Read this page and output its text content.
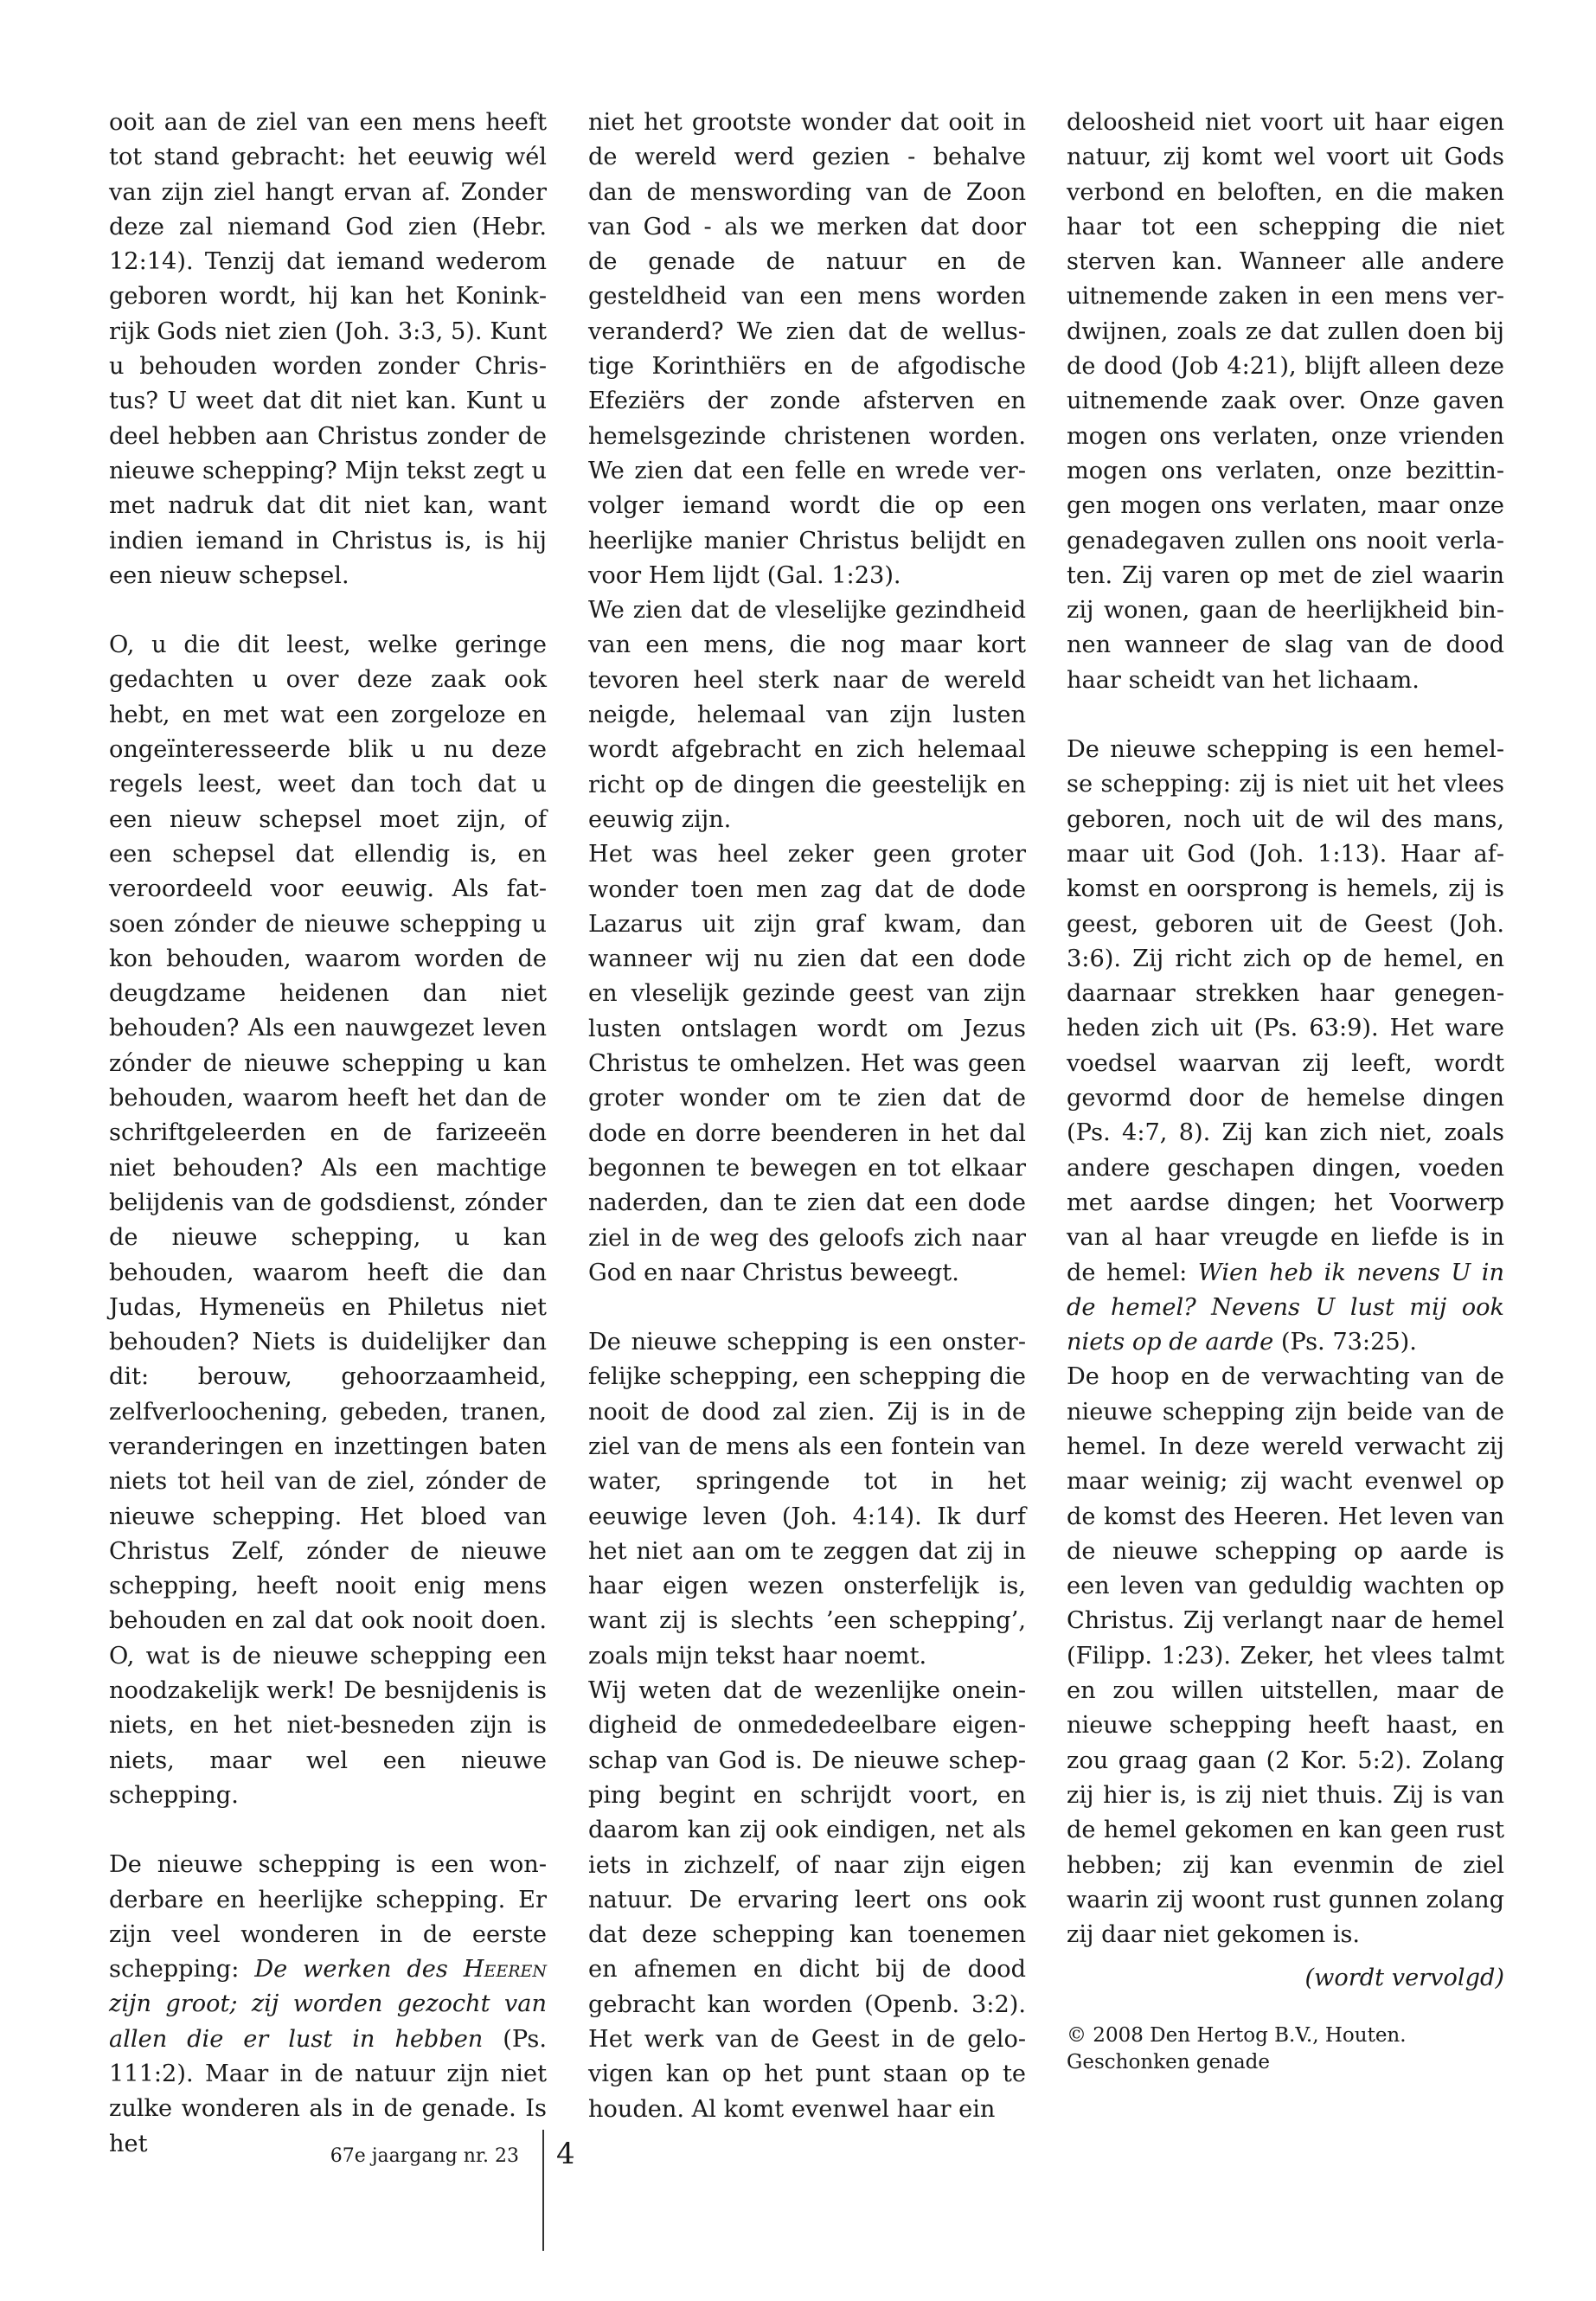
ooit aan de ziel van een mens heeft tot stand gebracht: het eeuwig wél van zijn ziel hangt ervan af. Zonder deze zal niemand God zien (Hebr. 12:14). Tenzij dat iemand wederom geboren wordt, hij kan het Koninkrijk Gods niet zien (Joh. 3:3, 5). Kunt u behouden worden zonder Christus? U weet dat dit niet kan. Kunt u deel hebben aan Christus zonder de nieuwe schepping? Mijn tekst zegt u met nadruk dat dit niet kan, want indien iemand in Christus is, is hij een nieuw schepsel.

O, u die dit leest, welke geringe gedachten u over deze zaak ook hebt, en met wat een zorgeloze en ongeïnteresseerde blik u nu deze regels leest, weet dan toch dat u een nieuw schepsel moet zijn, of een schepsel dat ellendig is, en veroordeeld voor eeuwig. Als fatsoen zónder de nieuwe schepping u kon behouden, waarom worden de deugdzame heidenen dan niet behouden? Als een nauwgezet leven zónder de nieuwe schepping u kan behouden, waarom heeft het dan de schriftgeleerden en de farizeeën niet behouden? Als een machtige belijdenis van de godsdienst, zónder de nieuwe schepping, u kan behouden, waarom heeft die dan Judas, Hymeneüs en Philetus niet behouden? Niets is duidelijker dan dit: berouw, gehoorzaamheid, zelfverloochening, gebeden, tranen, veranderingen en inzettingen baten niets tot heil van de ziel, zónder de nieuwe schepping. Het bloed van Christus Zelf, zónder de nieuwe schepping, heeft nooit enig mens behouden en zal dat ook nooit doen. O, wat is de nieuwe schepping een noodzakelijk werk! De besnijdenis is niets, en het niet-besneden zijn is niets, maar wel een nieuwe schepping.

De nieuwe schepping is een wonderbare en heerlijke schepping. Er zijn veel wonderen in de eerste schepping: De werken des Heeren zijn groot; zij worden gezocht van allen die er lust in hebben (Ps. 111:2). Maar in de natuur zijn niet zulke wonderen als in de genade. Is het

niet het grootste wonder dat ooit in de wereld werd gezien - behalve dan de menswording van de Zoon van God - als we merken dat door de genade de natuur en de gesteldheid van een mens worden veranderd? We zien dat de wellustige Korinthiërs en de afgodische Efeziërs der zonde afsterven en hemelsgezinde christenen worden. We zien dat een felle en wrede vervolger iemand wordt die op een heerlijke manier Christus belijdt en voor Hem lijdt (Gal. 1:23).

We zien dat de vleselijke gezindheid van een mens, die nog maar kort tevoren heel sterk naar de wereld neigde, helemaal van zijn lusten wordt afgebracht en zich helemaal richt op de dingen die geestelijk en eeuwig zijn.

Het was heel zeker geen groter wonder toen men zag dat de dode Lazarus uit zijn graf kwam, dan wanneer wij nu zien dat een dode en vleselijk gezinde geest van zijn lusten ontslagen wordt om Jezus Christus te omhelzen. Het was geen groter wonder om te zien dat de dode en dorre beenderen in het dal begonnen te bewegen en tot elkaar naderden, dan te zien dat een dode ziel in de weg des geloofs zich naar God en naar Christus beweegt.

De nieuwe schepping is een onsterfelijke schepping, een schepping die nooit de dood zal zien. Zij is in de ziel van de mens als een fontein van water, springende tot in het eeuwige leven (Joh. 4:14). Ik durf het niet aan om te zeggen dat zij in haar eigen wezen onsterfelijk is, want zij is slechts ’een schepping’, zoals mijn tekst haar noemt.

Wij weten dat de wezenlijke oneindigheid de onmededeelbare eigenschap van God is. De nieuwe schepping begint en schrijdt voort, en daarom kan zij ook eindigen, net als iets in zichzelf, of naar zijn eigen natuur. De ervaring leert ons ook dat deze schepping kan toenemen en afnemen en dicht bij de dood gebracht kan worden (Openb. 3:2). Het werk van de Geest in de gelovigen kan op het punt staan op te houden. Al komt evenwel haar ein

deloosheid niet voort uit haar eigen natuur, zij komt wel voort uit Gods verbond en beloften, en die maken haar tot een schepping die niet sterven kan. Wanneer alle andere uitnemende zaken in een mens verdwijnen, zoals ze dat zullen doen bij de dood (Job 4:21), blijft alleen deze uitnemende zaak over. Onze gaven mogen ons verlaten, onze vrienden mogen ons verlaten, onze bezittingen mogen ons verlaten, maar onze genadegaven zullen ons nooit verlaten. Zij varen op met de ziel waarin zij wonen, gaan de heerlijkheid binnen wanneer de slag van de dood haar scheidt van het lichaam.

De nieuwe schepping is een hemelse schepping: zij is niet uit het vlees geboren, noch uit de wil des mans, maar uit God (Joh. 1:13). Haar afkomst en oorsprong is hemels, zij is geest, geboren uit de Geest (Joh. 3:6). Zij richt zich op de hemel, en daarnaar strekken haar genegenheden zich uit (Ps. 63:9). Het ware voedsel waarvan zij leeft, wordt gevormd door de hemelse dingen (Ps. 4:7, 8). Zij kan zich niet, zoals andere geschapen dingen, voeden met aardse dingen; het Voorwerp van al haar vreugde en liefde is in de hemel: Wien heb ik nevens U in de hemel? Nevens U lust mij ook niets op de aarde (Ps. 73:25).

De hoop en de verwachting van de nieuwe schepping zijn beide van de hemel. In deze wereld verwacht zij maar weinig; zij wacht evenwel op de komst des Heeren. Het leven van de nieuwe schepping op aarde is een leven van geduldig wachten op Christus. Zij verlangt naar de hemel (Filipp. 1:23). Zeker, het vlees talmt en zou willen uitstellen, maar de nieuwe schepping heeft haast, en zou graag gaan (2 Kor. 5:2). Zolang zij hier is, is zij niet thuis. Zij is van de hemel gekomen en kan geen rust hebben; zij kan evenmin de ziel waarin zij woont rust gunnen zolang zij daar niet gekomen is.

(wordt vervolgd)
© 2008 Den Hertog B.V., Houten.
Geschonken genade
67e jaargang nr. 23 4
